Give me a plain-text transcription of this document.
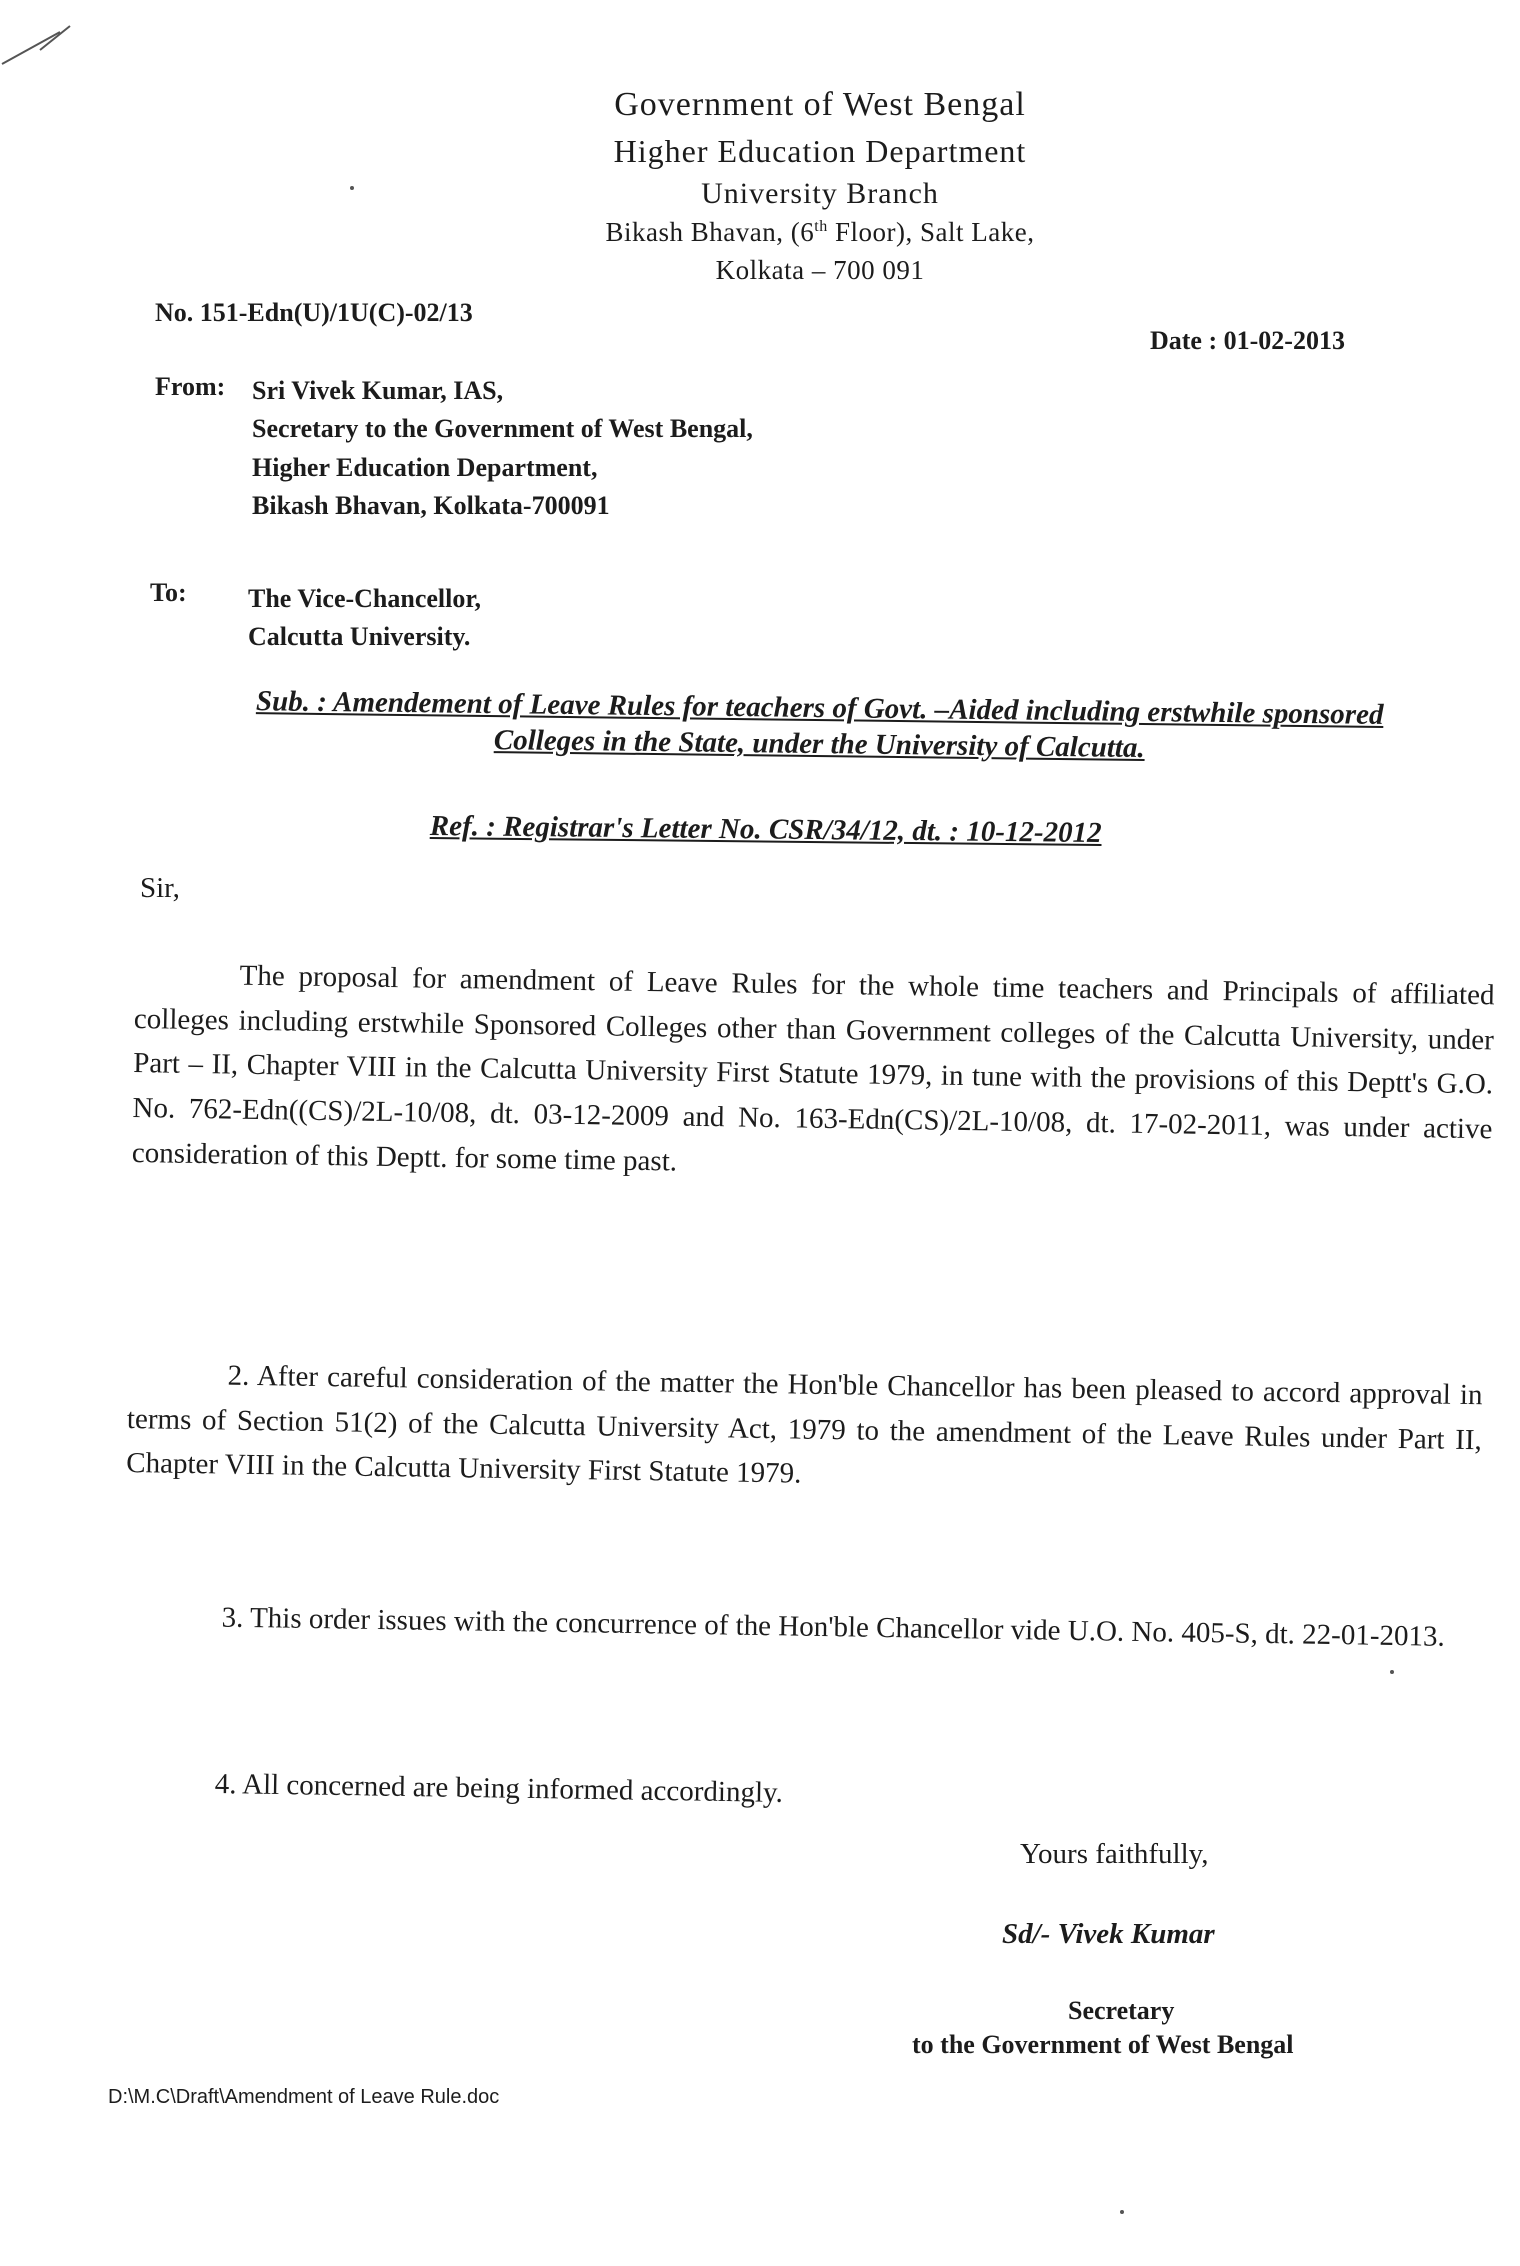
Government of West Bengal
Higher Education Department
University Branch
Bikash Bhavan, (6th Floor), Salt Lake,
Kolkata – 700 091
No. 151-Edn(U)/1U(C)-02/13
Date : 01-02-2013
From: Sri Vivek Kumar, IAS,
Secretary to the Government of West Bengal,
Higher Education Department,
Bikash Bhavan, Kolkata-700091
To: The Vice-Chancellor,
Calcutta University.
Sub. : Amendement of Leave Rules for teachers of Govt. –Aided including erstwhile sponsored
Colleges in the State, under the University of Calcutta.
Ref. : Registrar's Letter No. CSR/34/12, dt. : 10-12-2012
Sir,
The proposal for amendment of Leave Rules for the whole time teachers and Principals of affiliated colleges including erstwhile Sponsored Colleges other than Government colleges of the Calcutta University, under Part – II, Chapter VIII in the Calcutta University First Statute 1979, in tune with the provisions of this Deptt's G.O. No. 762-Edn((CS)/2L-10/08, dt. 03-12-2009 and No. 163-Edn(CS)/2L-10/08, dt. 17-02-2011, was under active consideration of this Deptt. for some time past.
2. After careful consideration of the matter the Hon'ble Chancellor has been pleased to accord approval in terms of Section 51(2) of the Calcutta University Act, 1979 to the amendment of the Leave Rules under Part II, Chapter VIII in the Calcutta University First Statute 1979.
3. This order issues with the concurrence of the Hon'ble Chancellor vide U.O. No. 405-S, dt. 22-01-2013.
4. All concerned are being informed accordingly.
Yours faithfully,
Sd/- Vivek Kumar
Secretary
to the Government of West Bengal
D:\M.C\Draft\Amendment of Leave Rule.doc
